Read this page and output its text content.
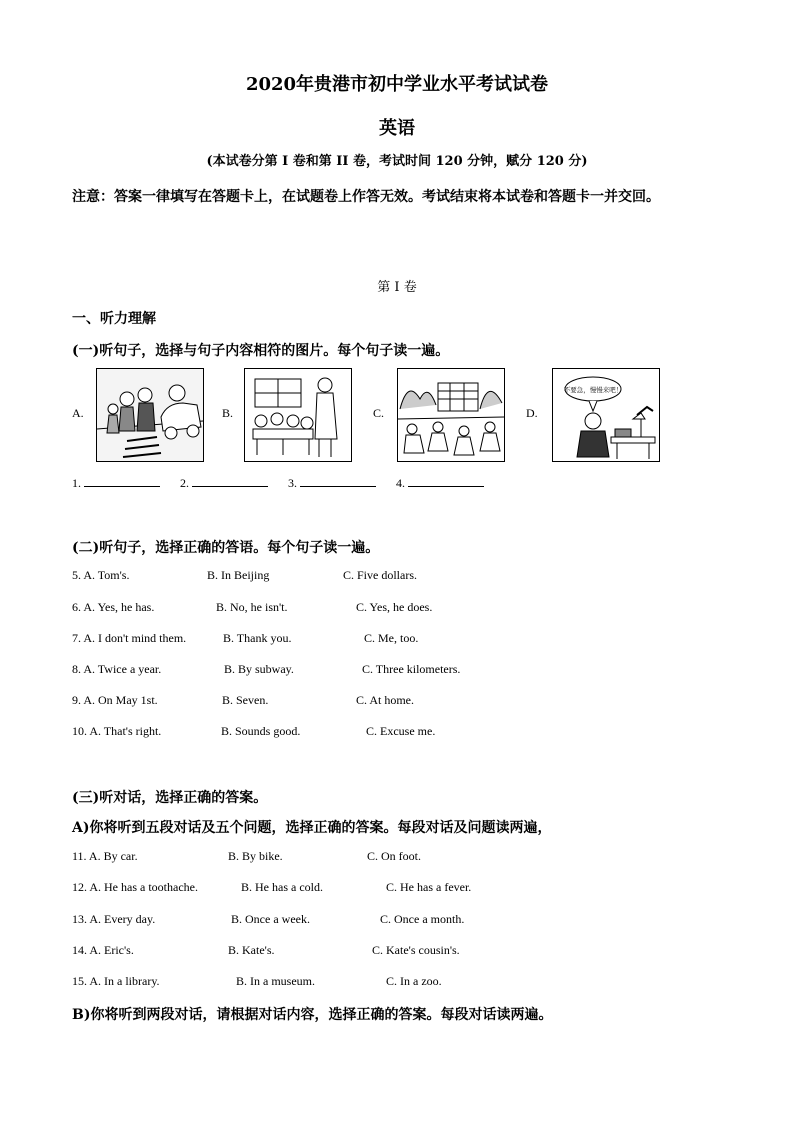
2020年贵港市初中学业水平考试试卷
英语
(本试卷分第 I 卷和第 II 卷，考试时间 120 分钟，赋分 120 分)
注意：答案一律填写在答题卡上，在试题卷上作答无效。考试结束将本试卷和答题卡一并交回。
第 I 卷
一、听力理解
(一)听句子，选择与句子内容相符的图片。每个句子读一遍。
A.	B.	C.	D.
不要急，慢慢来吧！
1.	2.	3.	4.
(二)听句子，选择正确的答语。每个句子读一遍。
5. A. Tom's.	B. In Beijing	C. Five dollars.
6. A. Yes, he has.	B. No, he isn't.	C. Yes, he does.
7. A. I don't mind them.	B. Thank you.	C. Me, too.
8. A. Twice a year.	B. By subway.	C. Three kilometers.
9. A. On May 1st.	B. Seven.	C. At home.
10. A. That's right.	B. Sounds good.	C. Excuse me.
(三)听对话，选择正确的答案。
A)你将听到五段对话及五个问题，选择正确的答案。每段对话及问题读两遍，
11. A. By car.	B. By bike.	C. On foot.
12. A. He has a toothache.	B. He has a cold.	C. He has a fever.
13. A. Every day.	B. Once a week.	C. Once a month.
14. A. Eric's.	B. Kate's.	C. Kate's cousin's.
15. A. In a library.	B. In a museum.	C. In a zoo.
B)你将听到两段对话，请根据对话内容，选择正确的答案。每段对话读两遍。
